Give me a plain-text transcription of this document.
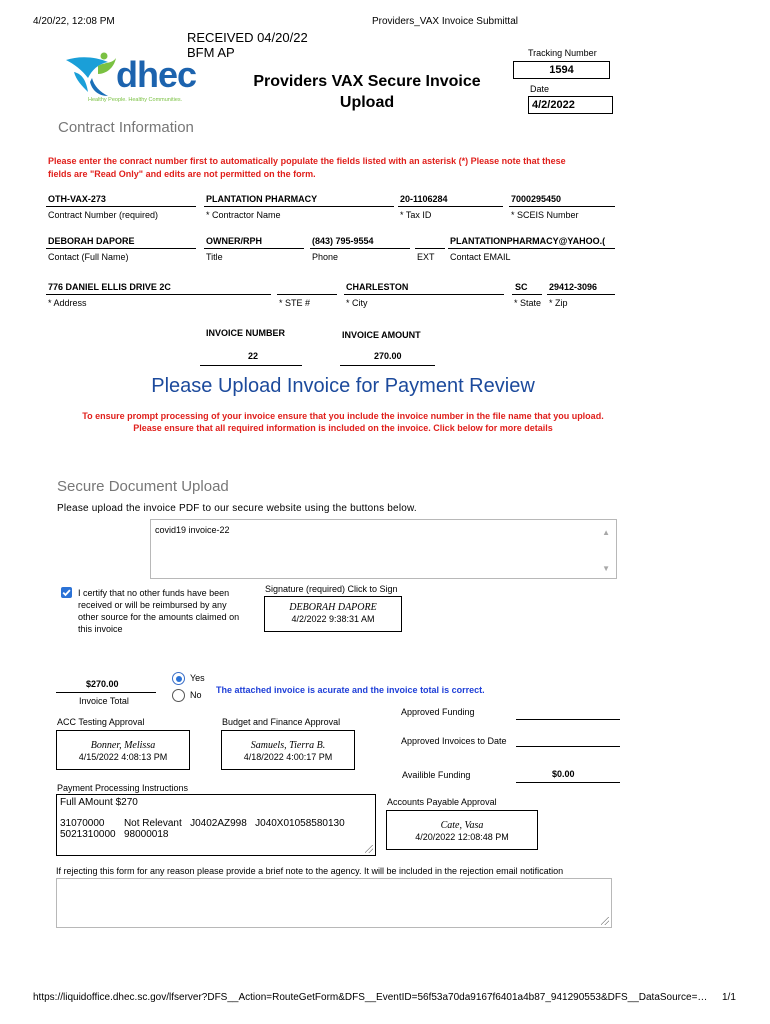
4/20/22, 12:08 PM	Providers_VAX Invoice Submittal
RECEIVED 04/20/22
BFM AP
dhec
Healthy People. Healthy Communities.
Providers VAX Secure Invoice
Upload
Tracking Number
1594
Date
4/2/2022
Contract Information
Please enter the conract number first to automatically populate the fields listed with an asterisk (*) Please note that these
fields are "Read Only" and edits are not permitted on the form.
OTH-VAX-273
Contract Number (required)
PLANTATION PHARMACY
* Contractor Name
20-1106284
* Tax ID
7000295450
* SCEIS Number
DEBORAH DAPORE
Contact (Full Name)
OWNER/RPH
Title
(843) 795-9554
Phone	EXT
PLANTATIONPHARMACY@YAHOO.(
Contact EMAIL
776 DANIEL ELLIS DRIVE 2C
* Address	* STE #
CHARLESTON
* City
SC
* State
29412-3096
* Zip
INVOICE NUMBER
22
INVOICE AMOUNT
270.00
Please Upload Invoice for Payment Review
To ensure prompt processing of your invoice ensure that you include the invoice number in the file name that you upload.
Please ensure that all required information is included on the invoice. Click below for more details
Secure Document Upload
Please upload the invoice PDF to our secure website using the buttons below.
covid19 invoice-22	▲
▼
I certify that no other funds have been
received or will be reimbursed by any
other source for the amounts claimed on
this invoice
Signature (required) Click to Sign
DEBORAH DAPORE
4/2/2022 9:38:31 AM
$270.00
Invoice Total
Yes
No The attached invoice is acurate and the invoice total is correct.
ACC Testing Approval
Bonner, Melissa
4/15/2022 4:08:13 PM
Budget and Finance Approval
Samuels, Tierra B.
4/18/2022 4:00:17 PM
Approved Funding
Approved Invoices to Date
Availible Funding	$0.00
Payment Processing Instructions
Full AMount $270
31070000       Not Relevant   J0402AZ998   J040X01058580130
5021310000   98000018
Accounts Payable Approval
Cate, Vasa
4/20/2022 12:08:48 PM
If rejecting this form for any reason please provide a brief note to the agency. It will be included in the rejection email notification
https://liquidoffice.dhec.sc.gov/lfserver?DFS__Action=RouteGetForm&DFS__EventID=56f53a70da9167f6401a4b87_941290553&DFS__DataSource=…	1/1
